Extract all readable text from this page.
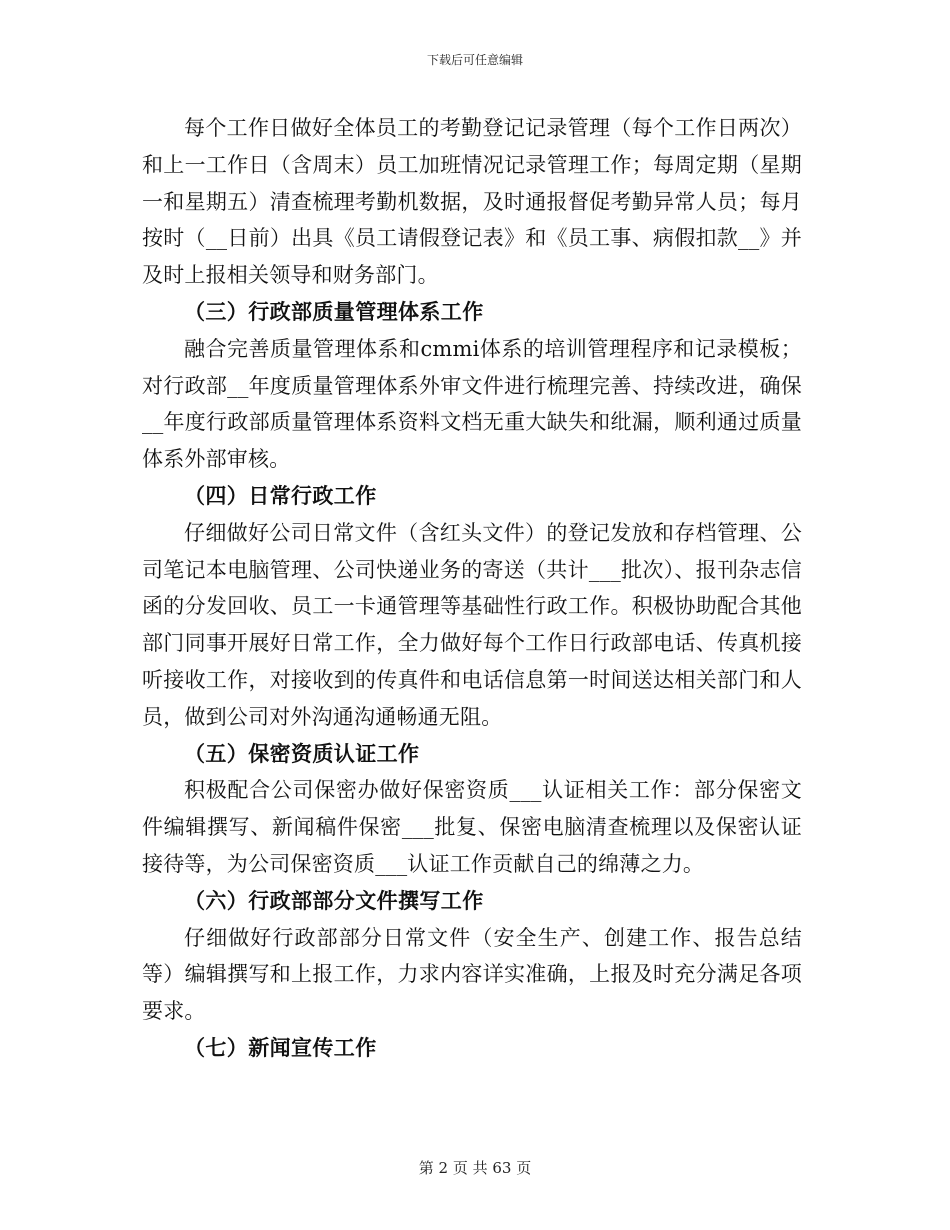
下载后可任意编辑

每个工作日做好全体员工的考勤登记记录管理（每个工作日两次）和上一工作日（含周末）员工加班情况记录管理工作；每周定期（星期一和星期五）清查梳理考勤机数据，及时通报督促考勤异常人员；每月按时（__日前）出具《员工请假登记表》和《员工事、病假扣款__》并及时上报相关领导和财务部门。

（三）行政部质量管理体系工作

融合完善质量管理体系和cmmi体系的培训管理程序和记录模板；对行政部__年度质量管理体系外审文件进行梳理完善、持续改进，确保__年度行政部质量管理体系资料文档无重大缺失和纰漏，顺利通过质量体系外部审核。

（四）日常行政工作

仔细做好公司日常文件（含红头文件）的登记发放和存档管理、公司笔记本电脑管理、公司快递业务的寄送（共计___批次）、报刊杂志信函的分发回收、员工一卡通管理等基础性行政工作。积极协助配合其他部门同事开展好日常工作，全力做好每个工作日行政部电话、传真机接听接收工作，对接收到的传真件和电话信息第一时间送达相关部门和人员，做到公司对外沟通沟通畅通无阻。

（五）保密资质认证工作

积极配合公司保密办做好保密资质___认证相关工作：部分保密文件编辑撰写、新闻稿件保密___批复、保密电脑清查梳理以及保密认证接待等，为公司保密资质___认证工作贡献自己的绵薄之力。

（六）行政部部分文件撰写工作

仔细做好行政部部分日常文件（安全生产、创建工作、报告总结等）编辑撰写和上报工作，力求内容详实准确，上报及时充分满足各项要求。

（七）新闻宣传工作

第 2 页 共 63 页
